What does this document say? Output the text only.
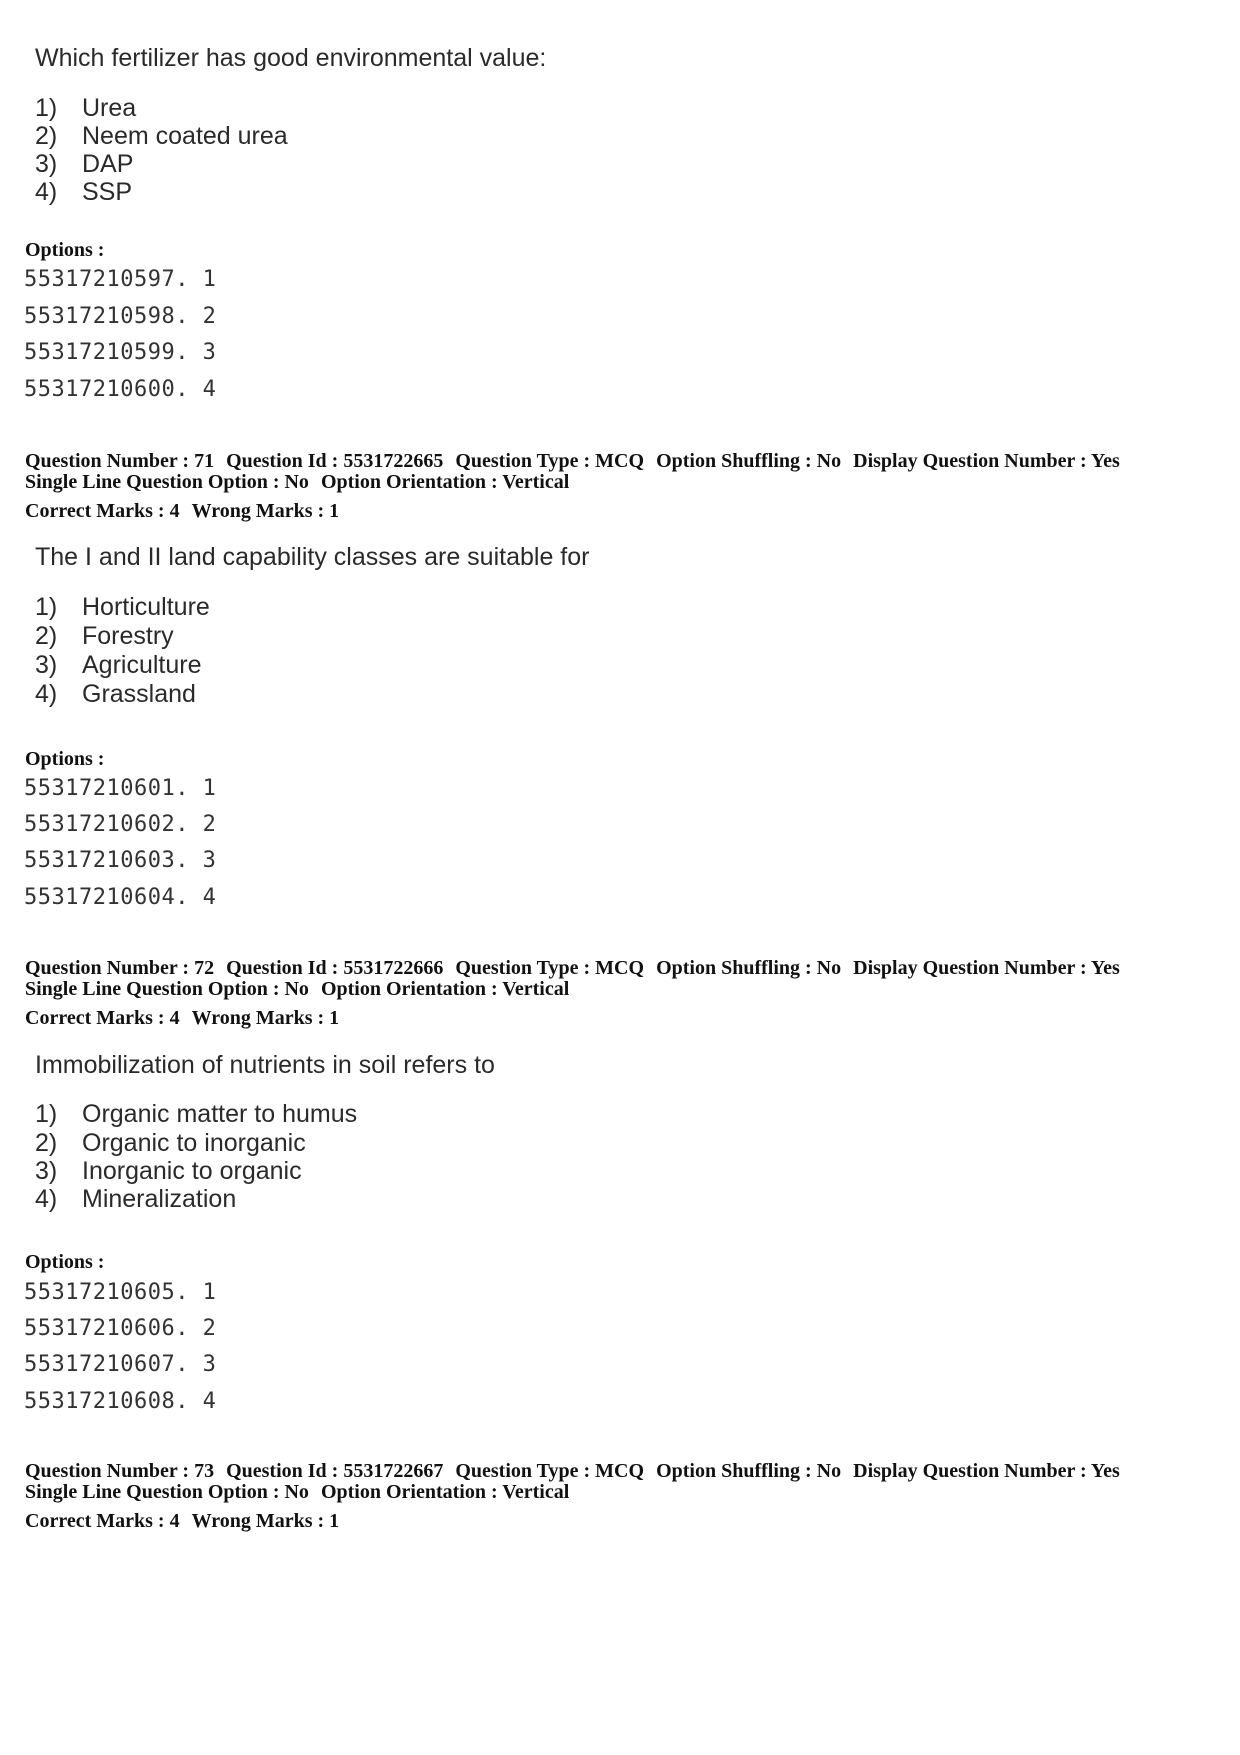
Which fertilizer has good environmental value:
1) Urea
2) Neem coated urea
3) DAP
4) SSP
Options :
55317210597. 1
55317210598. 2
55317210599. 3
55317210600. 4
Question Number : 71 Question Id : 5531722665 Question Type : MCQ Option Shuffling : No Display Question Number : Yes
Single Line Question Option : No Option Orientation : Vertical
Correct Marks : 4 Wrong Marks : 1
The I and II land capability classes are suitable for
1) Horticulture
2) Forestry
3) Agriculture
4) Grassland
Options :
55317210601. 1
55317210602. 2
55317210603. 3
55317210604. 4
Question Number : 72 Question Id : 5531722666 Question Type : MCQ Option Shuffling : No Display Question Number : Yes
Single Line Question Option : No Option Orientation : Vertical
Correct Marks : 4 Wrong Marks : 1
Immobilization of nutrients in soil refers to
1) Organic matter to humus
2) Organic to inorganic
3) Inorganic to organic
4) Mineralization
Options :
55317210605. 1
55317210606. 2
55317210607. 3
55317210608. 4
Question Number : 73 Question Id : 5531722667 Question Type : MCQ Option Shuffling : No Display Question Number : Yes
Single Line Question Option : No Option Orientation : Vertical
Correct Marks : 4 Wrong Marks : 1
